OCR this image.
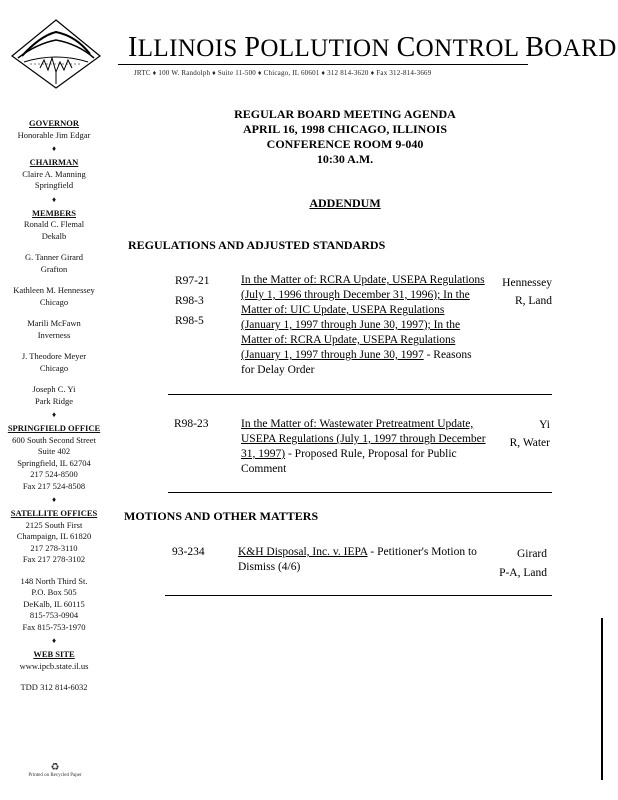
ILLINOIS POLLUTION CONTROL BOARD
JRTC ♦ 100 W. Randolph ♦ Suite 11-500 ♦ Chicago, IL 60601 ♦ 312 814-3620 ♦ Fax 312-814-3669
GOVERNOR
Honorable Jim Edgar
♦
CHAIRMAN
Claire A. Manning
Springfield
♦
MEMBERS
Ronald C. Flemal
Dekalb
G. Tanner Girard
Grafton
Kathleen M. Hennessey
Chicago
Marili McFawn
Inverness
J. Theodore Meyer
Chicago
Joseph C. Yi
Park Ridge
♦
SPRINGFIELD OFFICE
600 South Second Street
Suite 402
Springfield, IL 62704
217 524-8500
Fax 217 524-8508
♦
SATELLITE OFFICES
2125 South First
Champaign, IL 61820
217 278-3110
Fax 217 278-3102
148 North Third St.
P.O. Box 505
DeKalb, IL 60115
815-753-0904
Fax 815-753-1970
♦
WEB SITE
www.ipcb.state.il.us
TDD 312 814-6032
♻
Printed on Recycled Paper
REGULAR BOARD MEETING AGENDA
APRIL 16, 1998 CHICAGO, ILLINOIS
CONFERENCE ROOM 9-040
10:30 A.M.
ADDENDUM
REGULATIONS AND ADJUSTED STANDARDS
R97-21
R98-3
R98-5
In the Matter of: RCRA Update, USEPA Regulations (July 1, 1996 through December 31, 1996); In the Matter of: UIC Update, USEPA Regulations (January 1, 1997 through June 30, 1997); In the Matter of: RCRA Update, USEPA Regulations (January 1, 1997 through June 30, 1997 - Reasons for Delay Order
Hennessey
R, Land
R98-23	In the Matter of: Wastewater Pretreatment Update, USEPA Regulations (July 1, 1997 through December 31, 1997) - Proposed Rule, Proposal for Public Comment
Yi
R, Water
MOTIONS AND OTHER MATTERS
93-234	K&H Disposal, Inc. v. IEPA - Petitioner's Motion to Dismiss (4/6)
Girard
P-A, Land
